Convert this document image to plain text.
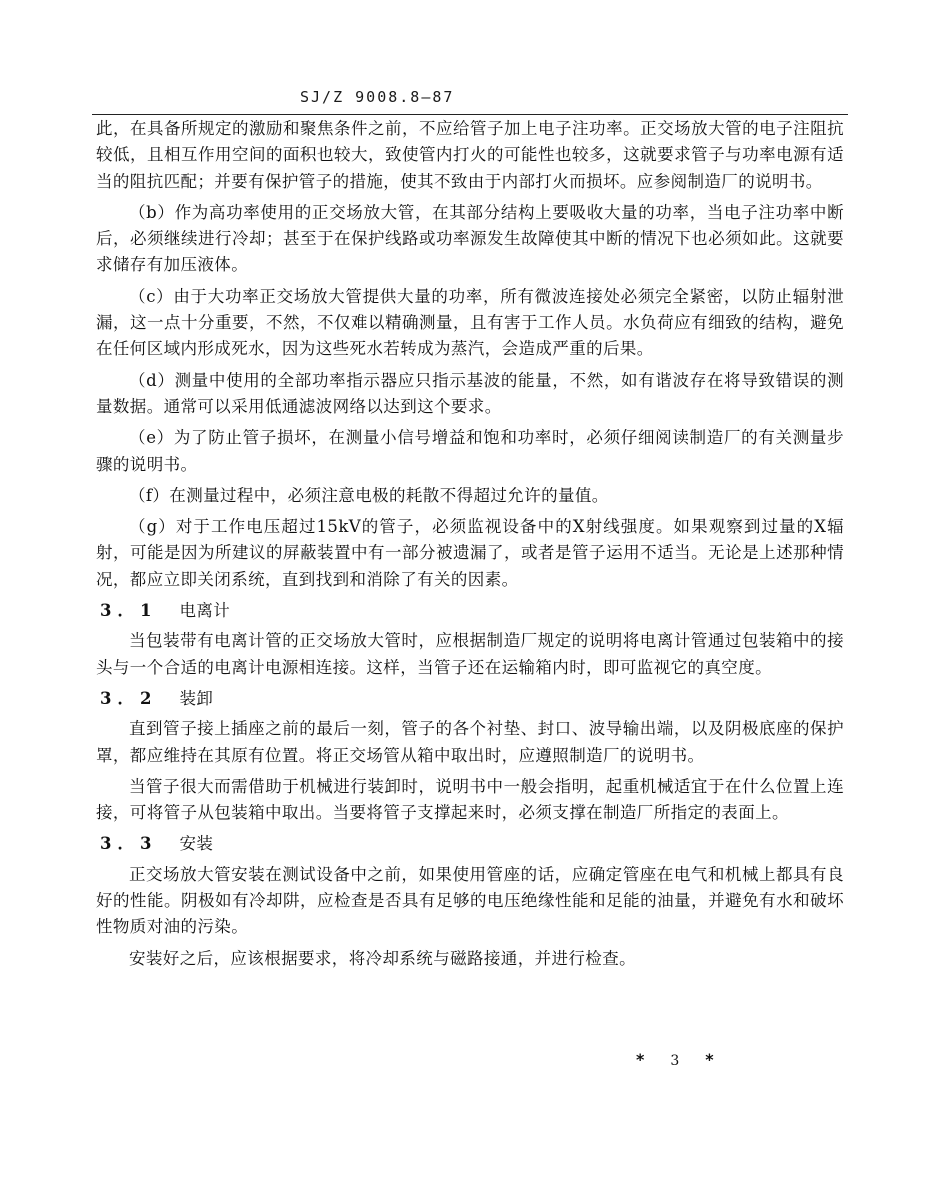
SJ/Z 9008.8—87

此，在具备所规定的激励和聚焦条件之前，不应给管子加上电子注功率。正交场放大管的电子注阻抗较低，且相互作用空间的面积也较大，致使管内打火的可能性也较多，这就要求管子与功率电源有适当的阻抗匹配；并要有保护管子的措施，使其不致由于内部打火而损坏。应参阅制造厂的说明书。

（b）作为高功率使用的正交场放大管，在其部分结构上要吸收大量的功率，当电子注功率中断后，必须继续进行冷却；甚至于在保护线路或功率源发生故障使其中断的情况下也必须如此。这就要求储存有加压液体。

（c）由于大功率正交场放大管提供大量的功率，所有微波连接处必须完全紧密，以防止辐射泄漏，这一点十分重要，不然，不仅难以精确测量，且有害于工作人员。水负荷应有细致的结构，避免在任何区域内形成死水，因为这些死水若转成为蒸汽，会造成严重的后果。

（d）测量中使用的全部功率指示器应只指示基波的能量，不然，如有谐波存在将导致错误的测量数据。通常可以采用低通滤波网络以达到这个要求。

（e）为了防止管子损坏，在测量小信号增益和饱和功率时，必须仔细阅读制造厂的有关测量步骤的说明书。

（f）在测量过程中，必须注意电极的耗散不得超过允许的量值。

（g）对于工作电压超过15kV的管子，必须监视设备中的X射线强度。如果观察到过量的X辐射，可能是因为所建议的屏蔽装置中有一部分被遗漏了，或者是管子运用不适当。无论是上述那种情况，都应立即关闭系统，直到找到和消除了有关的因素。

3．1 电离计

当包装带有电离计管的正交场放大管时，应根据制造厂规定的说明将电离计管通过包装箱中的接头与一个合适的电离计电源相连接。这样，当管子还在运输箱内时，即可监视它的真空度。

3．2 装卸

直到管子接上插座之前的最后一刻，管子的各个衬垫、封口、波导输出端，以及阴极底座的保护罩，都应维持在其原有位置。将正交场管从箱中取出时，应遵照制造厂的说明书。

当管子很大而需借助于机械进行装卸时，说明书中一般会指明，起重机械适宜于在什么位置上连接，可将管子从包装箱中取出。当要将管子支撑起来时，必须支撑在制造厂所指定的表面上。

3．3 安装

正交场放大管安装在测试设备中之前，如果使用管座的话，应确定管座在电气和机械上都具有良好的性能。阴极如有冷却阱，应检查是否具有足够的电压绝缘性能和足能的油量，并避免有水和破坏性物质对油的污染。

安装好之后，应该根据要求，将冷却系统与磁路接通，并进行检查。

* 3 *
